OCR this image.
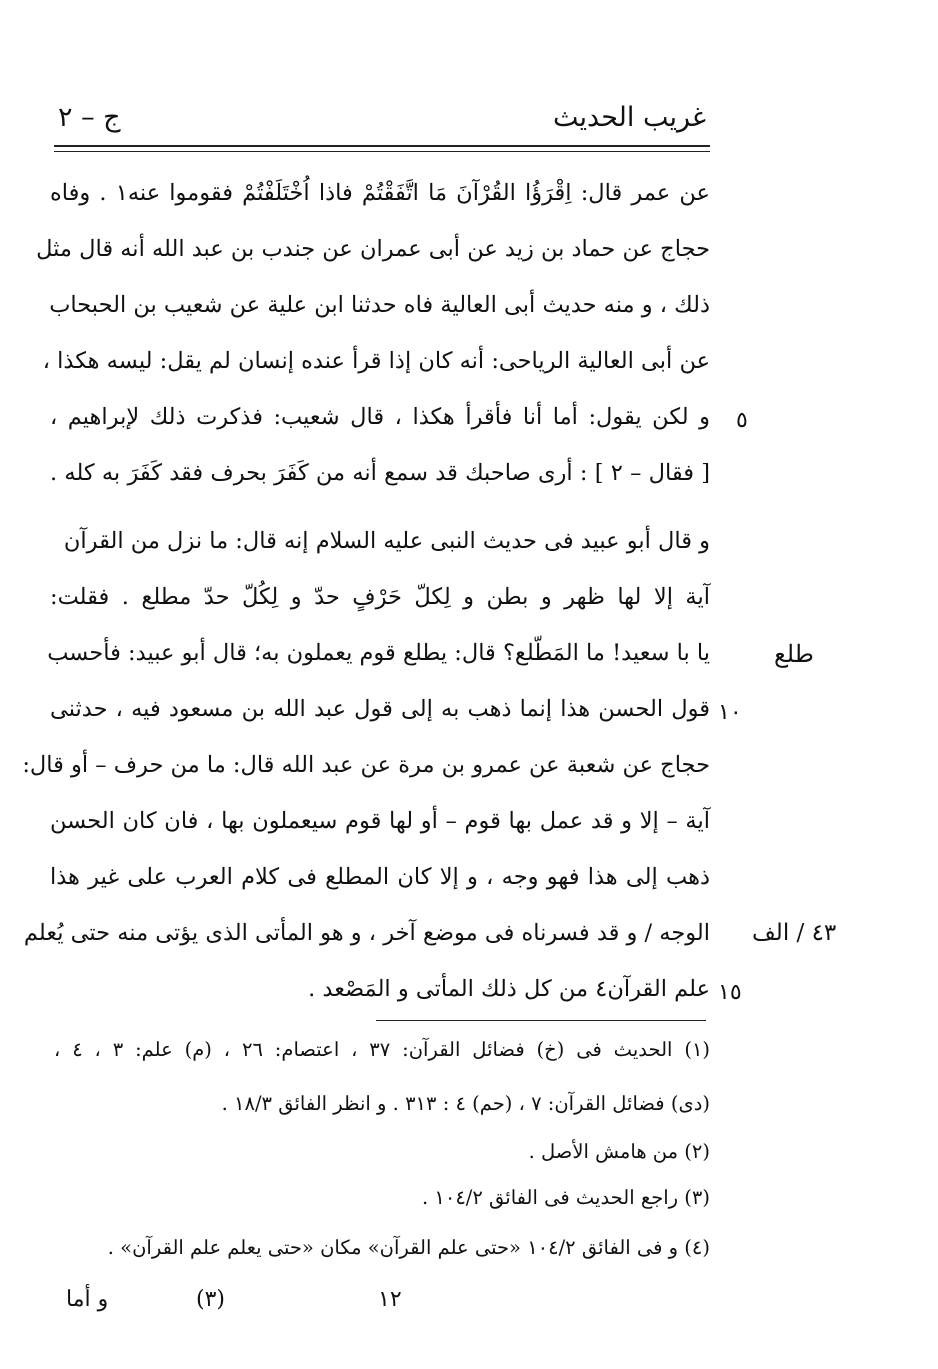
غريب الحديث
ج – ٢
عن عمر قال: اِقْرَؤُا القُرْآنَ مَا اتَّفَقْتُمْ فاذا اُخْتَلَفْتُمْ فقوموا عنه١ . وفاه
حجاج عن حماد بن زيد عن أبى عمران عن جندب بن عبد الله أنه قال مثل
ذلك ، و منه حديث أبى العالية فاه حدثنا ابن علية عن شعيب بن الحبحاب
عن أبى العالية الرياحى: أنه كان إذا قرأ عنده إنسان لم يقل: ليسه هكذا ،
و لكن يقول: أما أنا فأقرأ هكذا ، قال شعيب: فذكرت ذلك لإبراهيم ،
[ فقال – ٢ ] : أرى صاحبك قد سمع أنه من كَفَرَ بحرف فقد كَفَرَ به كله .
و قال أبو عبيد فى حديث النبى عليه السلام إنه قال: ما نزل من القرآن
آية إلا لها ظهر و بطن و لِكلّ حَرْفٍ حدّ و لِكُلّ حدّ مطلع . فقلت:
يا با سعيد! ما المَطّلع؟ قال: يطلع قوم يعملون به؛ قال أبو عبيد: فأحسب
قول الحسن هذا إنما ذهب به إلى قول عبد الله بن مسعود فيه ، حدثنى
حجاج عن شعبة عن عمرو بن مرة عن عبد الله قال: ما من حرف – أو قال:
آية – إلا و قد عمل بها قوم – أو لها قوم سيعملون بها ، فان كان الحسن
ذهب إلى هذا فهو وجه ، و إلا كان المطلع فى كلام العرب على غير هذا
الوجه / و قد فسرناه فى موضع آخر ، و هو المأتى الذى يؤتى منه حتى يُعلم
علم القرآن٤ من كل ذلك المأتى و المَصْعد .
٥
١٠
١٥
طلع
٤٣ / الف
(١) الحديث فى (خ) فضائل القرآن: ٣٧ ، اعتصام: ٢٦ ، (م) علم: ٣ ، ٤ ،
(دى) فضائل القرآن: ٧ ، (حم) ٤ : ٣١٣ . و انظر الفائق ١٨/٣ .
(٢) من هامش الأصل .
(٣) راجع الحديث فى الفائق ١٠٤/٢ .
(٤) و فى الفائق ١٠٤/٢ «حتى علم القرآن» مكان «حتى يعلم علم القرآن» .
١٢
(٣)
و أما
